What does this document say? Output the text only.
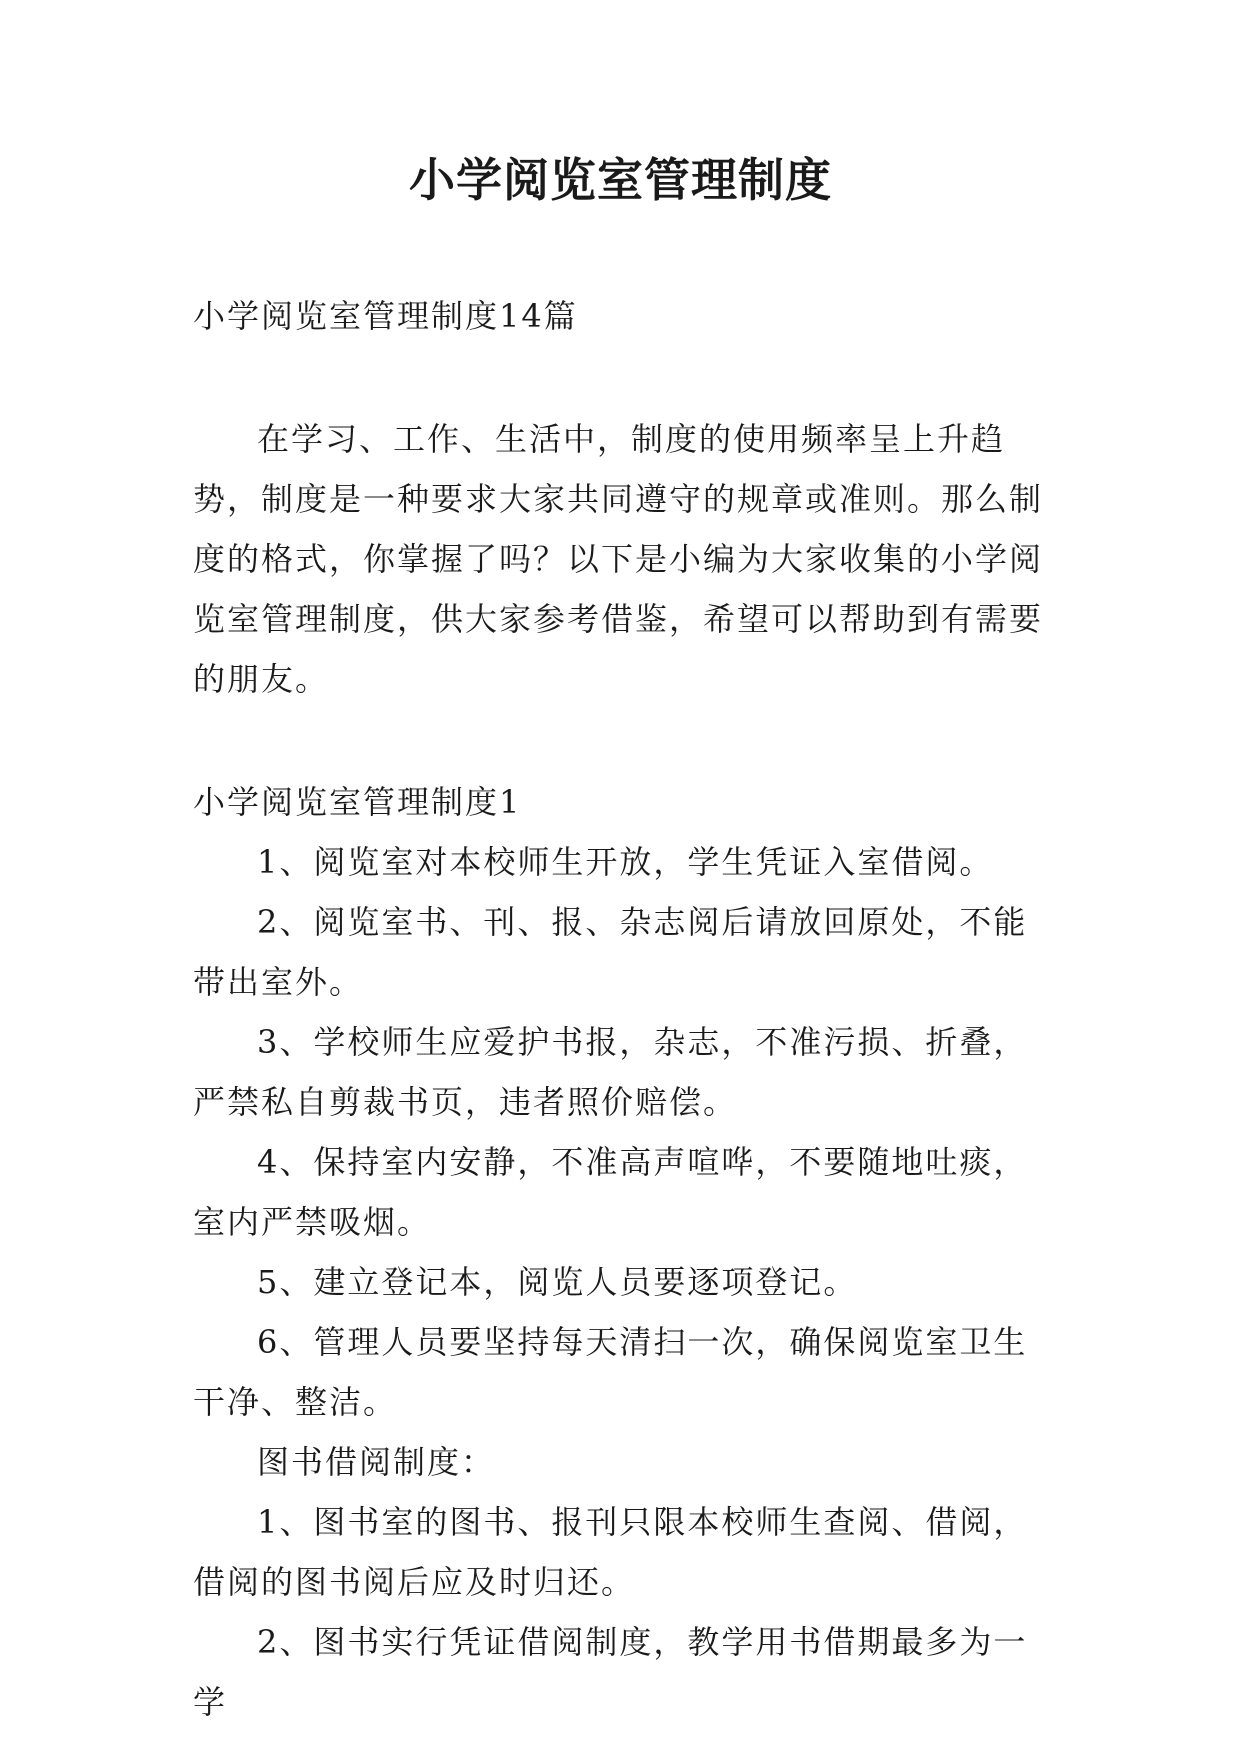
小学阅览室管理制度

小学阅览室管理制度14篇

在学习、工作、生活中，制度的使用频率呈上升趋势，制度是一种要求大家共同遵守的规章或准则。那么制度的格式，你掌握了吗？以下是小编为大家收集的小学阅览室管理制度，供大家参考借鉴，希望可以帮助到有需要的朋友。

小学阅览室管理制度1

1、阅览室对本校师生开放，学生凭证入室借阅。

2、阅览室书、刊、报、杂志阅后请放回原处，不能带出室外。

3、学校师生应爱护书报，杂志，不准污损、折叠，严禁私自剪裁书页，违者照价赔偿。

4、保持室内安静，不准高声喧哗，不要随地吐痰，室内严禁吸烟。

5、建立登记本，阅览人员要逐项登记。

6、管理人员要坚持每天清扫一次，确保阅览室卫生干净、整洁。

图书借阅制度：

1、图书室的图书、报刊只限本校师生查阅、借阅，借阅的图书阅后应及时归还。

2、图书实行凭证借阅制度，教学用书借期最多为一学
